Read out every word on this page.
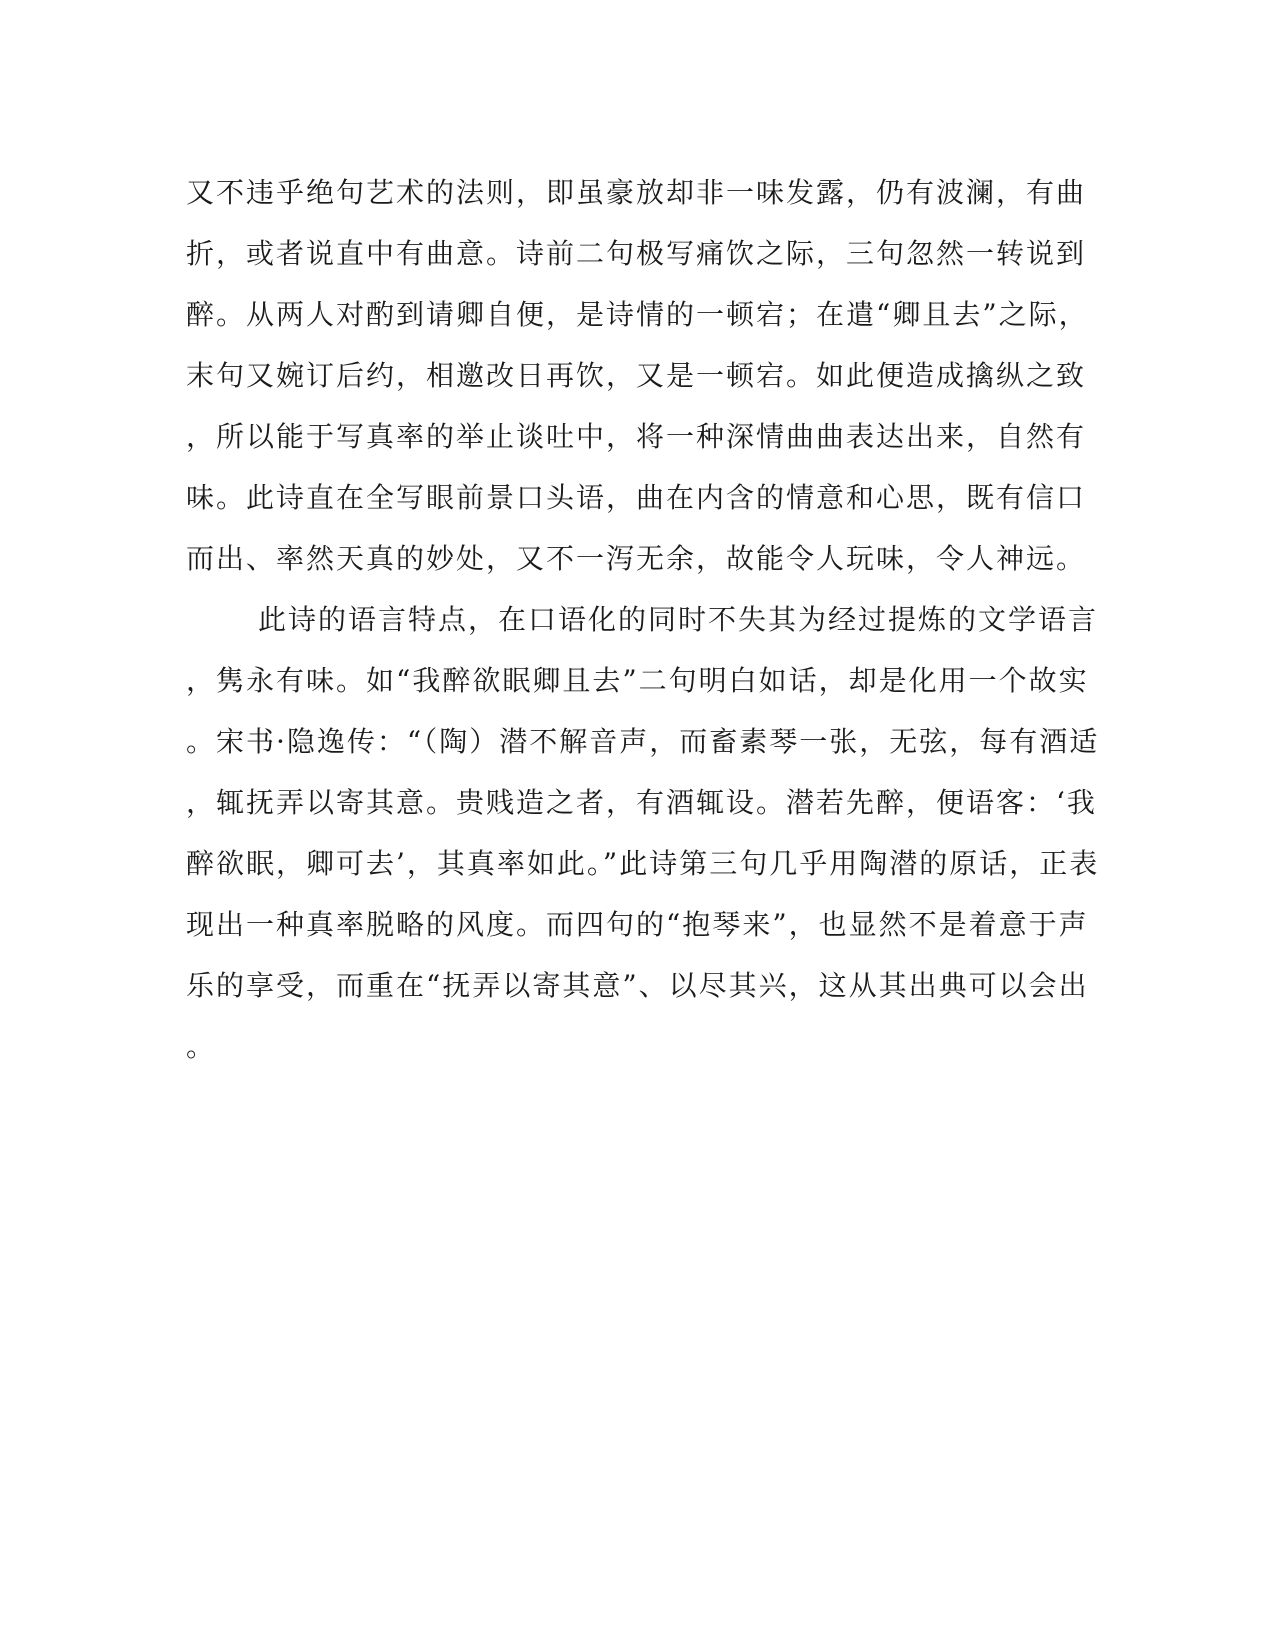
又不违乎绝句艺术的法则，即虽豪放却非一味发露，仍有波澜，有曲
折，或者说直中有曲意。诗前二句极写痛饮之际，三句忽然一转说到
醉。从两人对酌到请卿自便，是诗情的一顿宕；在遣“卿且去”之际，
末句又婉订后约，相邀改日再饮，又是一顿宕。如此便造成擒纵之致
，所以能于写真率的举止谈吐中，将一种深情曲曲表达出来，自然有
味。此诗直在全写眼前景口头语，曲在内含的情意和心思，既有信口
而出、率然天真的妙处，又不一泻无余，故能令人玩味，令人神远。
此诗的语言特点，在口语化的同时不失其为经过提炼的文学语言
，隽永有味。如“我醉欲眠卿且去”二句明白如话，却是化用一个故实
。宋书·隐逸传：“（陶）潜不解音声，而畜素琴一张，无弦，每有酒适
，辄抚弄以寄其意。贵贱造之者，有酒辄设。潜若先醉，便语客：‘我
醉欲眠，卿可去’，其真率如此。”此诗第三句几乎用陶潜的原话，正表
现出一种真率脱略的风度。而四句的“抱琴来”，也显然不是着意于声
乐的享受，而重在“抚弄以寄其意”、以尽其兴，这从其出典可以会出
。
